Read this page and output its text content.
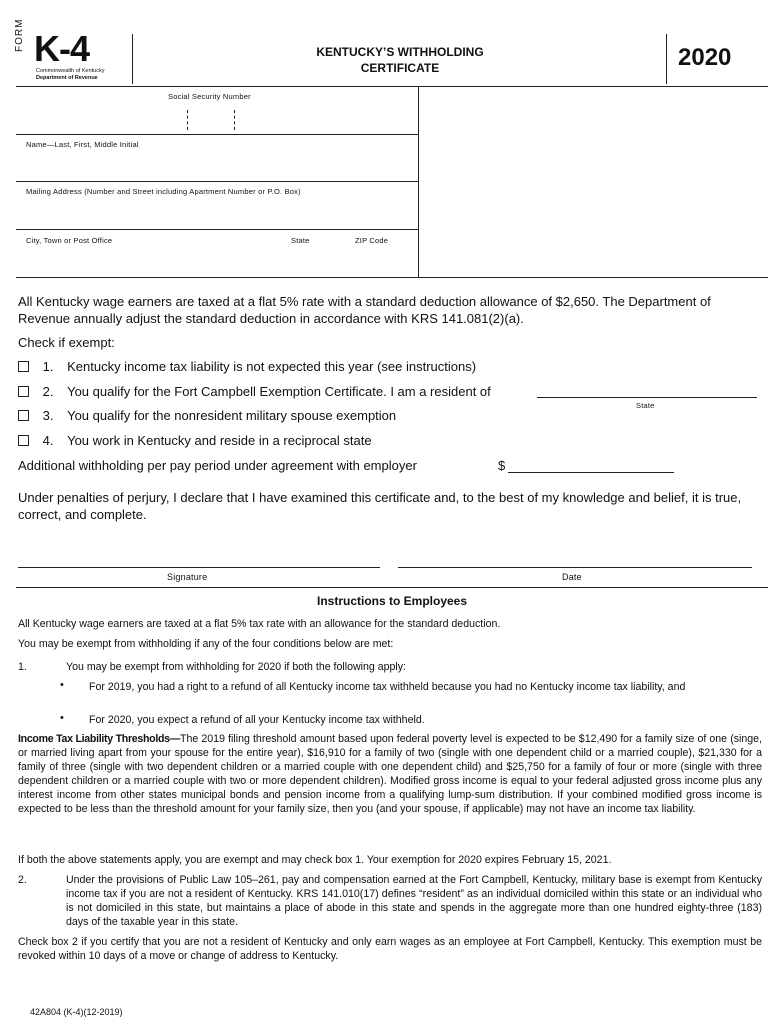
FORM K-4
Commonwealth of Kentucky
Department of Revenue
KENTUCKY’S WITHHOLDING
CERTIFICATE	2020
Social Security Number
Name—Last, First, Middle Initial
Mailing Address (Number and Street including Apartment Number or P.O. Box)
City, Town or Post Office	State	ZIP Code
All Kentucky wage earners are taxed at a flat 5% rate with a standard deduction allowance of $2,650. The Department of Revenue annually adjust the standard deduction in accordance with KRS 141.081(2)(a).
Check if exempt:
1. Kentucky income tax liability is not expected this year (see instructions)
2. You qualify for the Fort Campbell Exemption Certificate. I am a resident of
State
3. You qualify for the nonresident military spouse exemption
4. You work in Kentucky and reside in a reciprocal state
Additional withholding per pay period under agreement with employer	$
Under penalties of perjury, I declare that I have examined this certificate and, to the best of my knowledge and belief, it is true, correct, and complete.
Signature	Date
Instructions to Employees
All Kentucky wage earners are taxed at a flat 5% tax rate with an allowance for the standard deduction.
You may be exempt from withholding if any of the four conditions below are met:
1.	You may be exempt from withholding for 2020 if both the following apply:
• For 2019, you had a right to a refund of all Kentucky income tax withheld because you had no Kentucky income tax liability, and
• For 2020, you expect a refund of all your Kentucky income tax withheld.
Income Tax Liability Thresholds—The 2019 filing threshold amount based upon federal poverty level is expected to be $12,490 for a family size of one (singe, or married living apart from your spouse for the entire year), $16,910 for a family of two (single with one dependent child or a married couple), $21,330 for a family of three (single with two dependent children or a married couple with one dependent child) and $25,750 for a family of four or more (single with three dependent children or a married couple with two or more dependent children). Modified gross income is equal to your federal adjusted gross income plus any interest income from other states municipal bonds and pension income from a qualifying lump-sum distribution. If your combined modified gross income is expected to be less than the threshold amount for your family size, then you (and your spouse, if applicable) may not have an income tax liability.
If both the above statements apply, you are exempt and may check box 1. Your exemption for 2020 expires February 15, 2021.
2.	Under the provisions of Public Law 105–261, pay and compensation earned at the Fort Campbell, Kentucky, military base is exempt from Kentucky income tax if you are not a resident of Kentucky. KRS 141.010(17) defines “resident” as an individual domiciled within this state or an individual who is not domiciled in this state, but maintains a place of abode in this state and spends in the aggregate more than one hundred eighty-three (183) days of the taxable year in this state.
Check box 2 if you certify that you are not a resident of Kentucky and only earn wages as an employee at Fort Campbell, Kentucky. This exemption must be revoked within 10 days of a move or change of address to Kentucky.
42A804 (K-4)(12-2019)
